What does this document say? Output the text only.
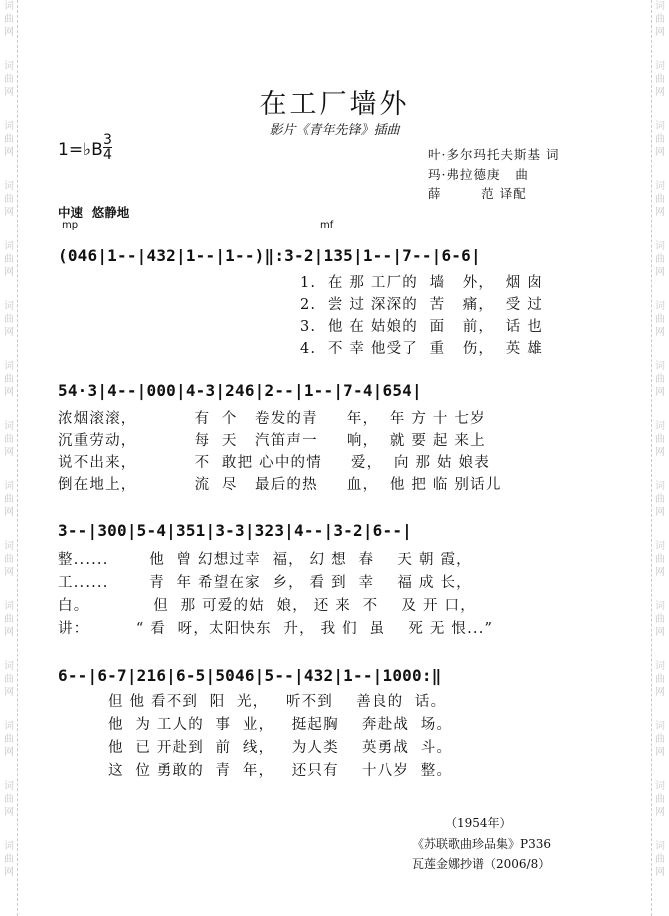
词
曲
网
词
曲
网
词
曲
网
词
曲
网
词
曲
网
词
曲
网
词
曲
网
词
曲
网
词
曲
网
词
曲
网
词
曲
网
词
曲
网
词
曲
网
词
曲
网
词
曲
网
词
曲
网
词
曲
网
词
曲
网
词
曲
网
词
曲
网
词
曲
网
词
曲
网
词
曲
网
词
曲
网
词
曲
网
词
曲
网
词
曲
网
词
曲
网
词
曲
网
词
曲
网
在工厂墙外
影片《青年先锋》插曲
1=♭B $\frac{3}{4}$	叶·多尔玛托夫斯基 词
玛·弗拉德庚   曲
薛        范 译配
中速  悠静地
mp	mf
(046|1--|432|1--|1--)‖:3-2|135|1--|7--|6-6|
1.  在 那 工厂的  墙   外，  烟 囱
2.  尝 过 深深的  苦   痛，  受 过
3.  他 在 姑娘的  面   前，  话 也
4.  不 幸 他受了  重   伤，  英 雄
54·3|4--|000|4-3|246|2--|1--|7-4|654|
浓烟滚滚，          有  个   卷发的青     年，  年 方 十 七岁
沉重劳动，          每  天   汽笛声一     响，  就 要 起 来上
说不出来，          不  敢把 心中的情     爱，  向 那 姑 娘表
倒在地上，          流  尽   最后的热     血，  他 把 临 别话儿
3--|300|5-4|351|3-3|323|4--|3-2|6--|
整......       他  曾 幻想过幸  福， 幻 想  春    天 朝 霞，
工......       青  年 希望在家  乡， 看 到  幸    福 成 长，
白。           但  那 可爱的姑  娘， 还 来  不    及 开 口，
讲：        “ 看  呀，太阳快东  升， 我 们  虽    死 无 恨...”
6--|6-7|216|6-5|5046|5--|432|1--|1000:‖
但 他 看不到  阳  光，   听不到    善良的  话。
他  为 工人的  事  业，   挺起胸    奔赴战  场。
他  已 开赴到  前  线，   为人类    英勇战  斗。
这  位 勇敢的  青  年，   还只有    十八岁  整。
（1954年）
《苏联歌曲珍品集》P336
瓦莲金娜抄谱（2006/8）
